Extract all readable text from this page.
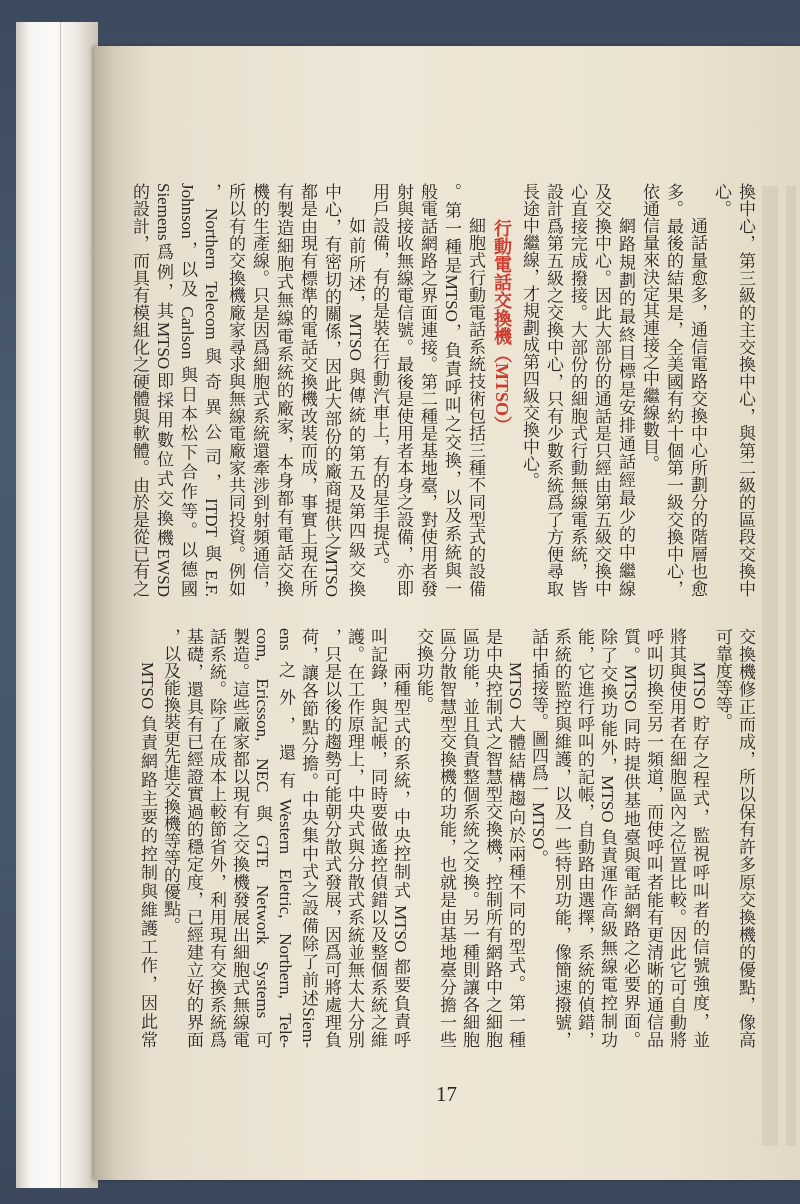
換中心，第三級的主交換中心，與第二級的區段交換中
心。
通話量愈多，通信電路交換中心所劃分的階層也愈
多。最後的結果是，全美國有約十個第一級交換中心，
依通信量來決定其連接之中繼線數目。
網路規劃的最終目標是安排通話經最少的中繼線
及交換中心。因此大部份的通話是只經由第五級交換中
心直接完成撥接。大部份的細胞式行動無線電系統，皆
設計爲第五級之交換中心，只有少數系統爲了方便尋取
長途中繼線，才規劃成第四級交換中心。
行動電話交換機（MTSO）
細胞式行動電話系統技術包括三種不同型式的設備
。第一種是MTSO，負責呼叫之交換，以及系統與一
般電話網路之界面連接。第二種是基地臺，對使用者發
射與接收無線電信號。最後是使用者本身之設備，亦即
用戶設備，有的是裝在行動汽車上，有的是手提式。
如前所述，MTSO 與傳統的第五及第四級交換
中心，有密切的關係，因此大部份的廠商提供之MTSO
都是由現有標準的電話交換機改裝而成，事實上現在所
有製造細胞式無線電系統的廠家，本身都有電話交換
機的生產線。只是因爲細胞式系統還牽涉到射頻通信，
所以有的交換機廠家尋求與無線電廠家共同投資。例如
，Northern Telecom與奇異公司，ITDT與E.F.
Johnson，以及 Carlson 與日本松下合作等。以德國
Siemens爲例，其MTSO即採用數位式交換機EWSD
的設計，而具有模組化之硬體與軟體。由於是從已有之
交換機修正而成，所以保有許多原交換機的優點，像高
可靠度等等。
MTSO 貯存之程式，監視呼叫者的信號強度，並
將其與使用者在細胞區內之位置比較。因此它可自動將
呼叫切換至另一頻道，而使呼叫者能有更清晰的通信品
質。MTSO 同時提供基地臺與電話網路之必要界面。
除了交換功能外，MTSO 負責運作高級無線電控制功
能，它進行呼叫的記帳，自動路由選擇，系統的偵錯，
系統的監控與維護，以及一些特別功能，像簡速撥號，
話中插接等。圖四爲一 MTSO。
MTSO 大體結構趨向於兩種不同的型式。第一種
是中央控制式之智慧型交換機，控制所有網路中之細胞
區功能，並且負責整個系統之交換。另一種則讓各細胞
區分散智慧型交換機的功能，也就是由基地臺分擔一些
交換功能。
兩種型式的系統，中央控制式 MTSO 都要負責呼
叫記錄，與記帳，同時要做遙控偵錯以及整個系統之維
護。在工作原理上，中央式與分散式系統並無太大分別
，只是以後的趨勢可能朝分散式發展，因爲可將處理負
荷，讓各節點分擔。中央集中式之設備除了前述Siem-
ens之外，還有Western Eletric, Northern, Tele-
com, Ericsson, NEC與GTE Network Systems可
製造。這些廠家都以現有之交換機發展出細胞式無線電
話系統。除了在成本上較節省外，利用現有交換系統爲
基礎，還具有已經證實過的穩定度，已經建立好的界面
，以及能換裝更先進交換機等等的優點。
MTSO 負責網路主要的控制與維護工作，因此常
17
